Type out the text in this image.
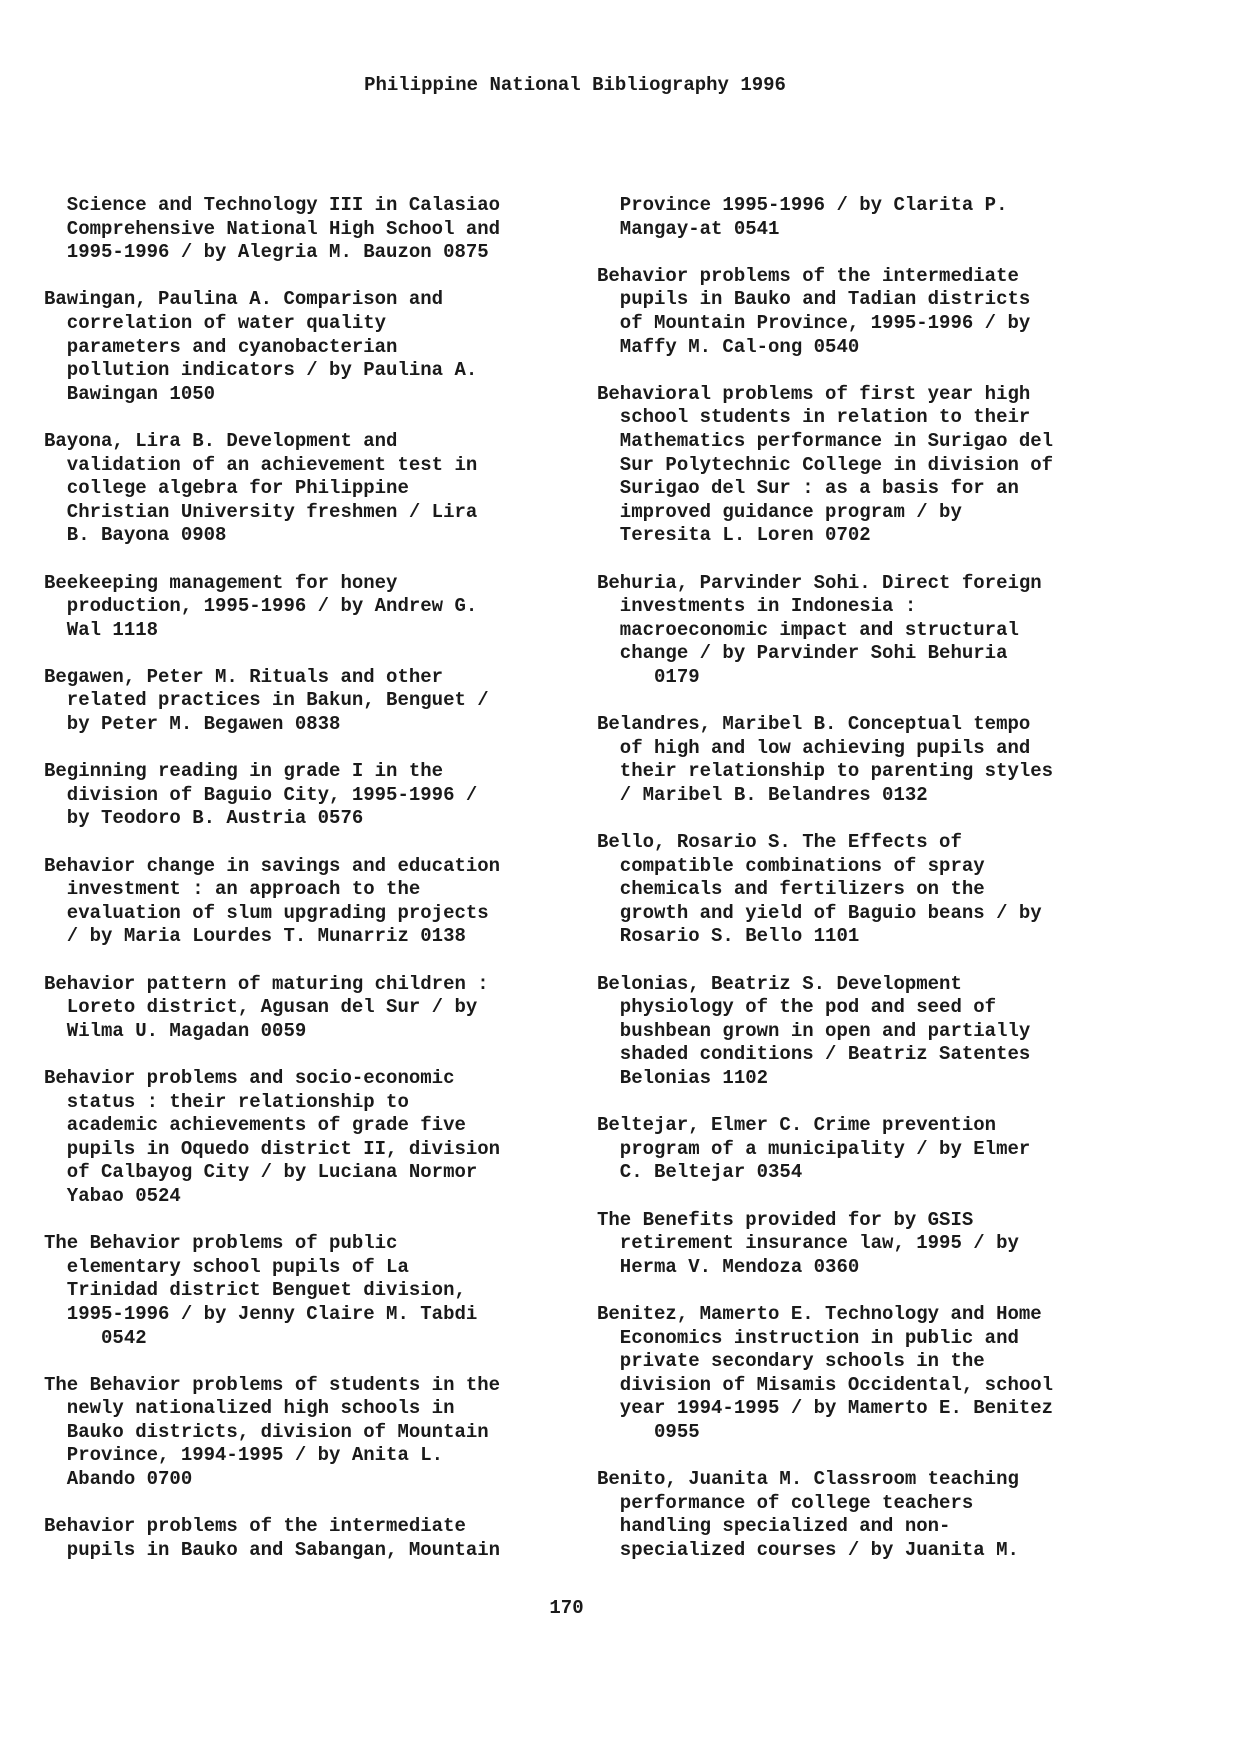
Philippine National Bibliography 1996
Science and Technology III in Calasiao
Comprehensive National High School and
1995-1996 / by Alegria M. Bauzon 0875
Bawingan, Paulina A. Comparison and
correlation of water quality
parameters and cyanobacterian
pollution indicators / by Paulina A.
Bawingan 1050
Bayona, Lira B. Development and
validation of an achievement test in
college algebra for Philippine
Christian University freshmen / Lira
B. Bayona 0908
Beekeeping management for honey
production, 1995-1996 / by Andrew G.
Wal 1118
Begawen, Peter M. Rituals and other
related practices in Bakun, Benguet /
by Peter M. Begawen 0838
Beginning reading in grade I in the
division of Baguio City, 1995-1996 /
by Teodoro B. Austria 0576
Behavior change in savings and education
investment : an approach to the
evaluation of slum upgrading projects
/ by Maria Lourdes T. Munarriz 0138
Behavior pattern of maturing children :
Loreto district, Agusan del Sur / by
Wilma U. Magadan 0059
Behavior problems and socio-economic
status : their relationship to
academic achievements of grade five
pupils in Oquedo district II, division
of Calbayog City / by Luciana Normor
Yabao 0524
The Behavior problems of public
elementary school pupils of La
Trinidad district Benguet division,
1995-1996 / by Jenny Claire M. Tabdi
0542
The Behavior problems of students in the
newly nationalized high schools in
Bauko districts, division of Mountain
Province, 1994-1995 / by Anita L.
Abando 0700
Behavior problems of the intermediate
pupils in Bauko and Sabangan, Mountain
Province 1995-1996 / by Clarita P.
Mangay-at 0541
Behavior problems of the intermediate
pupils in Bauko and Tadian districts
of Mountain Province, 1995-1996 / by
Maffy M. Cal-ong 0540
Behavioral problems of first year high
school students in relation to their
Mathematics performance in Surigao del
Sur Polytechnic College in division of
Surigao del Sur : as a basis for an
improved guidance program / by
Teresita L. Loren 0702
Behuria, Parvinder Sohi. Direct foreign
investments in Indonesia :
macroeconomic impact and structural
change / by Parvinder Sohi Behuria
0179
Belandres, Maribel B. Conceptual tempo
of high and low achieving pupils and
their relationship to parenting styles
/ Maribel B. Belandres 0132
Bello, Rosario S. The Effects of
compatible combinations of spray
chemicals and fertilizers on the
growth and yield of Baguio beans / by
Rosario S. Bello 1101
Belonias, Beatriz S. Development
physiology of the pod and seed of
bushbean grown in open and partially
shaded conditions / Beatriz Satentes
Belonias 1102
Beltejar, Elmer C. Crime prevention
program of a municipality / by Elmer
C. Beltejar 0354
The Benefits provided for by GSIS
retirement insurance law, 1995 / by
Herma V. Mendoza 0360
Benitez, Mamerto E. Technology and Home
Economics instruction in public and
private secondary schools in the
division of Misamis Occidental, school
year 1994-1995 / by Mamerto E. Benitez
0955
Benito, Juanita M. Classroom teaching
performance of college teachers
handling specialized and non-
specialized courses / by Juanita M.
170
